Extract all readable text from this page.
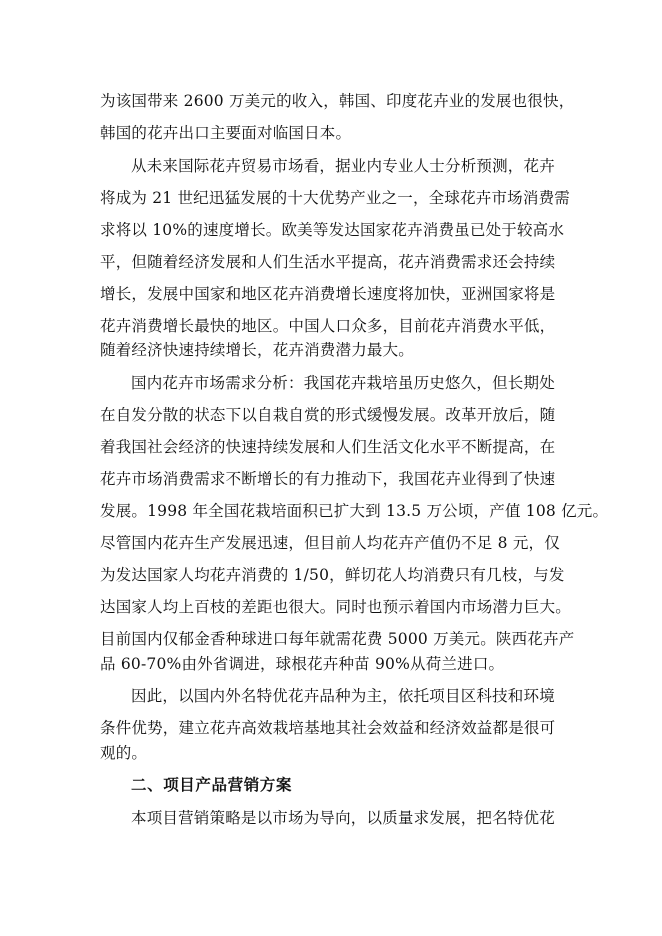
为该国带来 2600 万美元的收入，韩国、印度花卉业的发展也很快，
韩国的花卉出口主要面对临国日本。
从未来国际花卉贸易市场看，据业内专业人士分析预测，花卉
将成为 21 世纪迅猛发展的十大优势产业之一，全球花卉市场消费需
求将以 10%的速度增长。欧美等发达国家花卉消费虽已处于较高水
平，但随着经济发展和人们生活水平提高，花卉消费需求还会持续
增长，发展中国家和地区花卉消费增长速度将加快，亚洲国家将是
花卉消费增长最快的地区。中国人口众多，目前花卉消费水平低，
随着经济快速持续增长，花卉消费潜力最大。
国内花卉市场需求分析：我国花卉栽培虽历史悠久，但长期处
在自发分散的状态下以自栽自赏的形式缓慢发展。改革开放后，随
着我国社会经济的快速持续发展和人们生活文化水平不断提高，在
花卉市场消费需求不断增长的有力推动下，我国花卉业得到了快速
发展。1998 年全国花栽培面积已扩大到 13.5 万公顷，产值 108 亿元。
尽管国内花卉生产发展迅速，但目前人均花卉产值仍不足 8 元，仅
为发达国家人均花卉消费的 1/50，鲜切花人均消费只有几枝，与发
达国家人均上百枝的差距也很大。同时也预示着国内市场潜力巨大。
目前国内仅郁金香种球进口每年就需花费 5000 万美元。陕西花卉产
品 60-70%由外省调进，球根花卉种苗 90%从荷兰进口。
因此，以国内外名特优花卉品种为主，依托项目区科技和环境
条件优势，建立花卉高效栽培基地其社会效益和经济效益都是很可
观的。
二、项目产品营销方案
本项目营销策略是以市场为导向，以质量求发展，把名特优花
